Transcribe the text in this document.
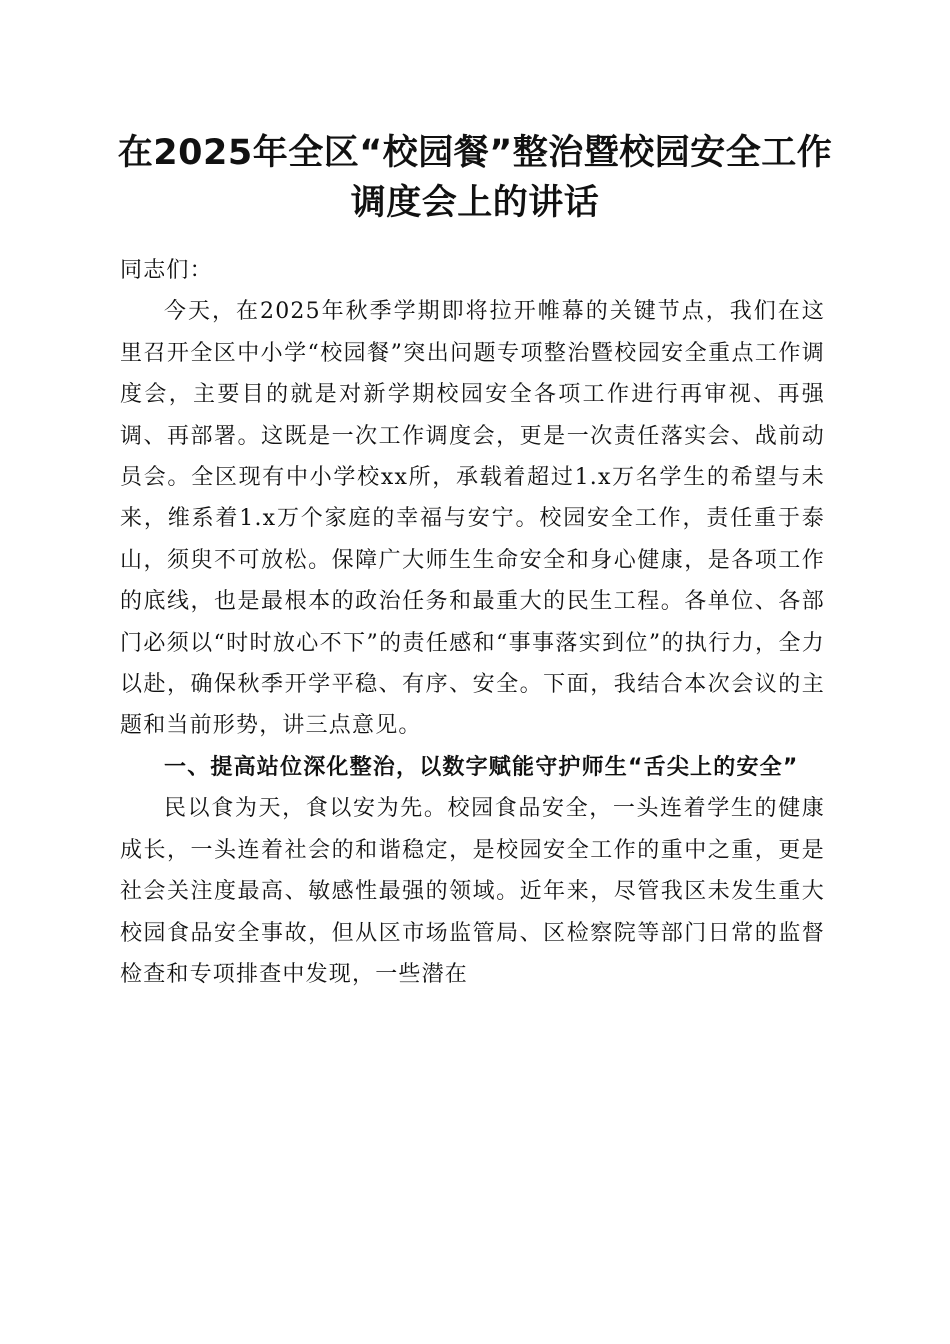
在2025年全区“校园餐”整治暨校园安全工作调度会上的讲话

同志们：

今天，在2025年秋季学期即将拉开帷幕的关键节点，我们在这里召开全区中小学“校园餐”突出问题专项整治暨校园安全重点工作调度会，主要目的就是对新学期校园安全各项工作进行再审视、再强调、再部署。这既是一次工作调度会，更是一次责任落实会、战前动员会。全区现有中小学校xx所，承载着超过1.x万名学生的希望与未来，维系着1.x万个家庭的幸福与安宁。校园安全工作，责任重于泰山，须臾不可放松。保障广大师生生命安全和身心健康，是各项工作的底线，也是最根本的政治任务和最重大的民生工程。各单位、各部门必须以“时时放心不下”的责任感和“事事落实到位”的执行力，全力以赴，确保秋季开学平稳、有序、安全。下面，我结合本次会议的主题和当前形势，讲三点意见。

一、提高站位深化整治，以数字赋能守护师生“舌尖上的安全”

民以食为天，食以安为先。校园食品安全，一头连着学生的健康成长，一头连着社会的和谐稳定，是校园安全工作的重中之重，更是社会关注度最高、敏感性最强的领域。近年来，尽管我区未发生重大校园食品安全事故，但从区市场监管局、区检察院等部门日常的监督检查和专项排查中发现，一些潜在
